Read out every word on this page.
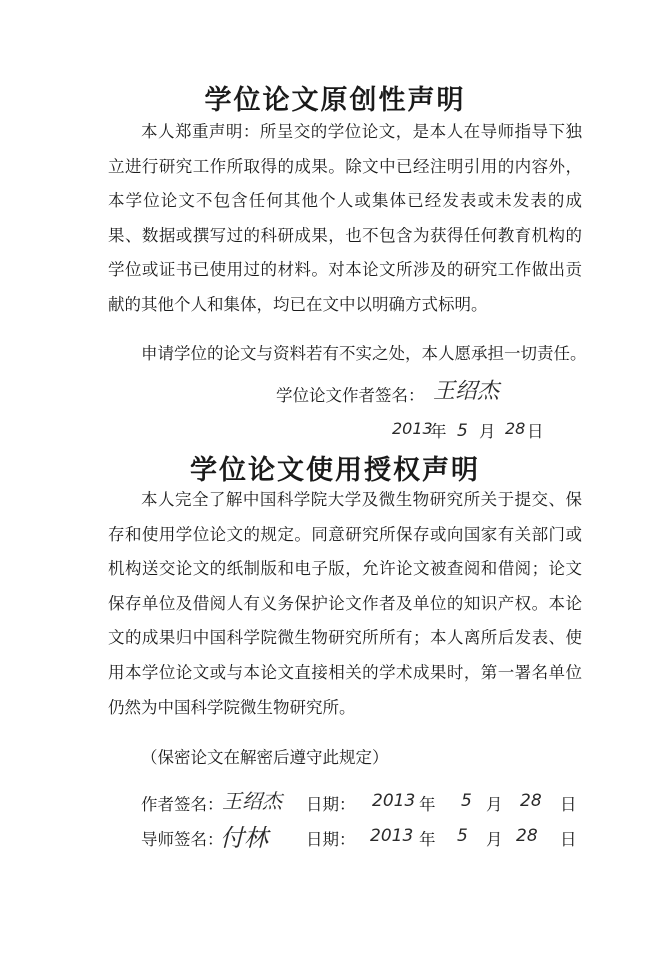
学位论文原创性声明

本人郑重声明：所呈交的学位论文，是本人在导师指导下独立进行研究工作所取得的成果。除文中已经注明引用的内容外，本学位论文不包含任何其他个人或集体已经发表或未发表的成果、数据或撰写过的科研成果，也不包含为获得任何教育机构的学位或证书已使用过的材料。对本论文所涉及的研究工作做出贡献的其他个人和集体，均已在文中以明确方式标明。

申请学位的论文与资料若有不实之处，本人愿承担一切责任。

学位论文作者签名： 王绍杰
2013
年 5 月 28 日
学位论文使用授权声明

本人完全了解中国科学院大学及微生物研究所关于提交、保存和使用学位论文的规定。同意研究所保存或向国家有关部门或机构送交论文的纸制版和电子版，允许论文被查阅和借阅；论文保存单位及借阅人有义务保护论文作者及单位的知识产权。本论文的成果归中国科学院微生物研究所所有；本人离所后发表、使用本学位论文或与本论文直接相关的学术成果时，第一署名单位仍然为中国科学院微生物研究所。

（保密论文在解密后遵守此规定）

作者签名：
王绍杰 日期： 2013 年 5 月 28 日
导师签名：
付林 日期： 2013 年 5 月 28 日
